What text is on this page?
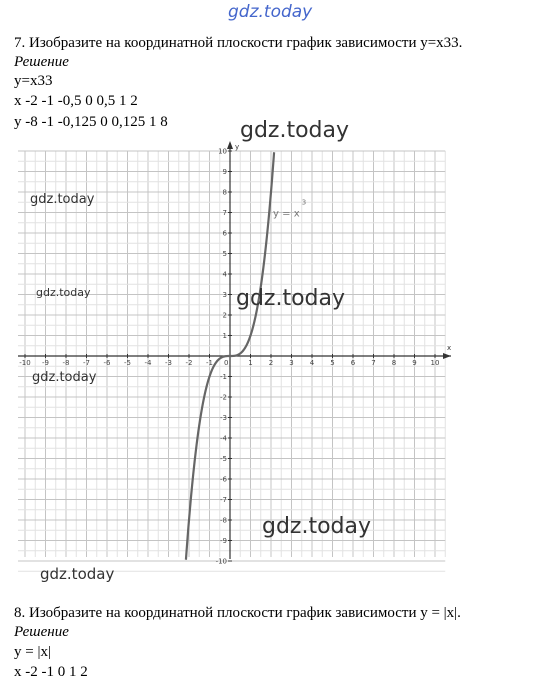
gdz.today
7. Изобразите на координатной плоскости график зависимости y=x33.
Решение
y=x33
x -2 -1 -0,5 0 0,5 1 2
y -8 -1 -0,125 0 0,125 1 8
x
y
-10 -9 -8 -7 -6 -5 -4 -3 -2 -1	1 2 3 4 5 6 7 8 9 10
-10
-9
-8
-7
-6
-5
-4
-3
-2
-1
1
2
3
4
5
6
7
8
9
10
0
y = x
3
gdz.today
gdz.today
gdz.today	gdz.today
gdz.today
gdz.today
gdz.today
8. Изобразите на координатной плоскости график зависимости y = |x|.
Решение
y = |x|
x -2 -1 0 1 2
